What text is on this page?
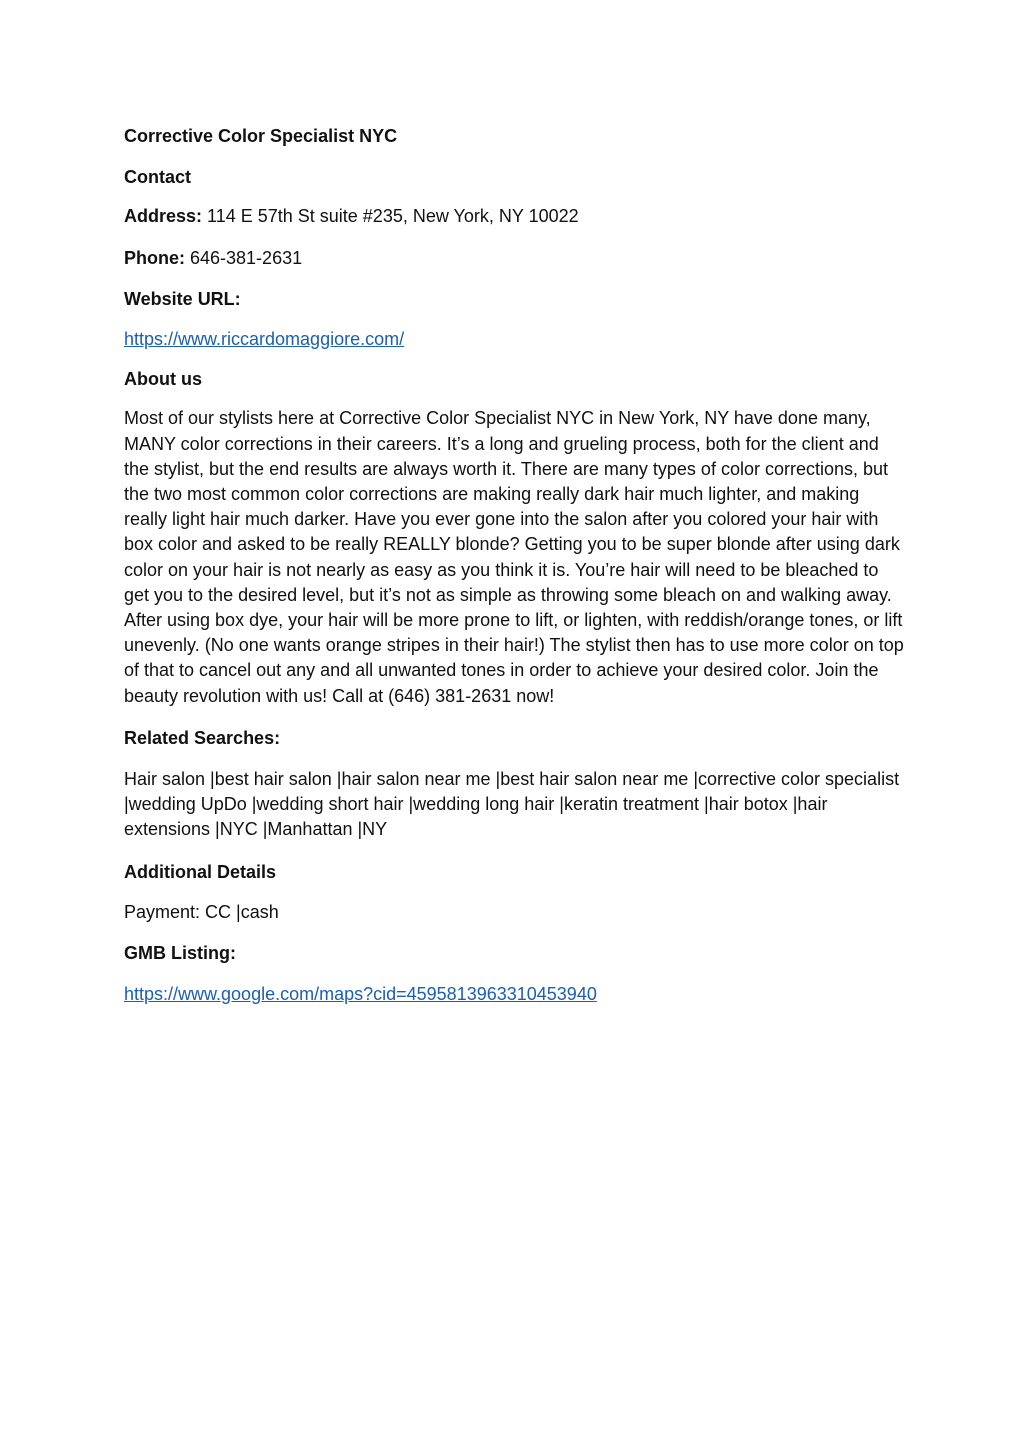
Corrective Color Specialist NYC

Contact

Address: 114 E 57th St suite #235, New York, NY 10022

Phone: 646-381-2631

Website URL:

https://www.riccardomaggiore.com/

About us

Most of our stylists here at Corrective Color Specialist NYC in New York, NY have done many, MANY color corrections in their careers. It’s a long and grueling process, both for the client and the stylist, but the end results are always worth it. There are many types of color corrections, but the two most common color corrections are making really dark hair much lighter, and making really light hair much darker. Have you ever gone into the salon after you colored your hair with box color and asked to be really REALLY blonde? Getting you to be super blonde after using dark color on your hair is not nearly as easy as you think it is. You’re hair will need to be bleached to get you to the desired level, but it’s not as simple as throwing some bleach on and walking away. After using box dye, your hair will be more prone to lift, or lighten, with reddish/orange tones, or lift unevenly. (No one wants orange stripes in their hair!) The stylist then has to use more color on top of that to cancel out any and all unwanted tones in order to achieve your desired color. Join the beauty revolution with us! Call at (646) 381-2631 now!

Related Searches:

Hair salon |best hair salon |hair salon near me |best hair salon near me |corrective color specialist |wedding UpDo |wedding short hair |wedding long hair |keratin treatment |hair botox |hair extensions |NYC |Manhattan |NY

Additional Details

Payment: CC |cash

GMB Listing:

https://www.google.com/maps?cid=4595813963310453940
